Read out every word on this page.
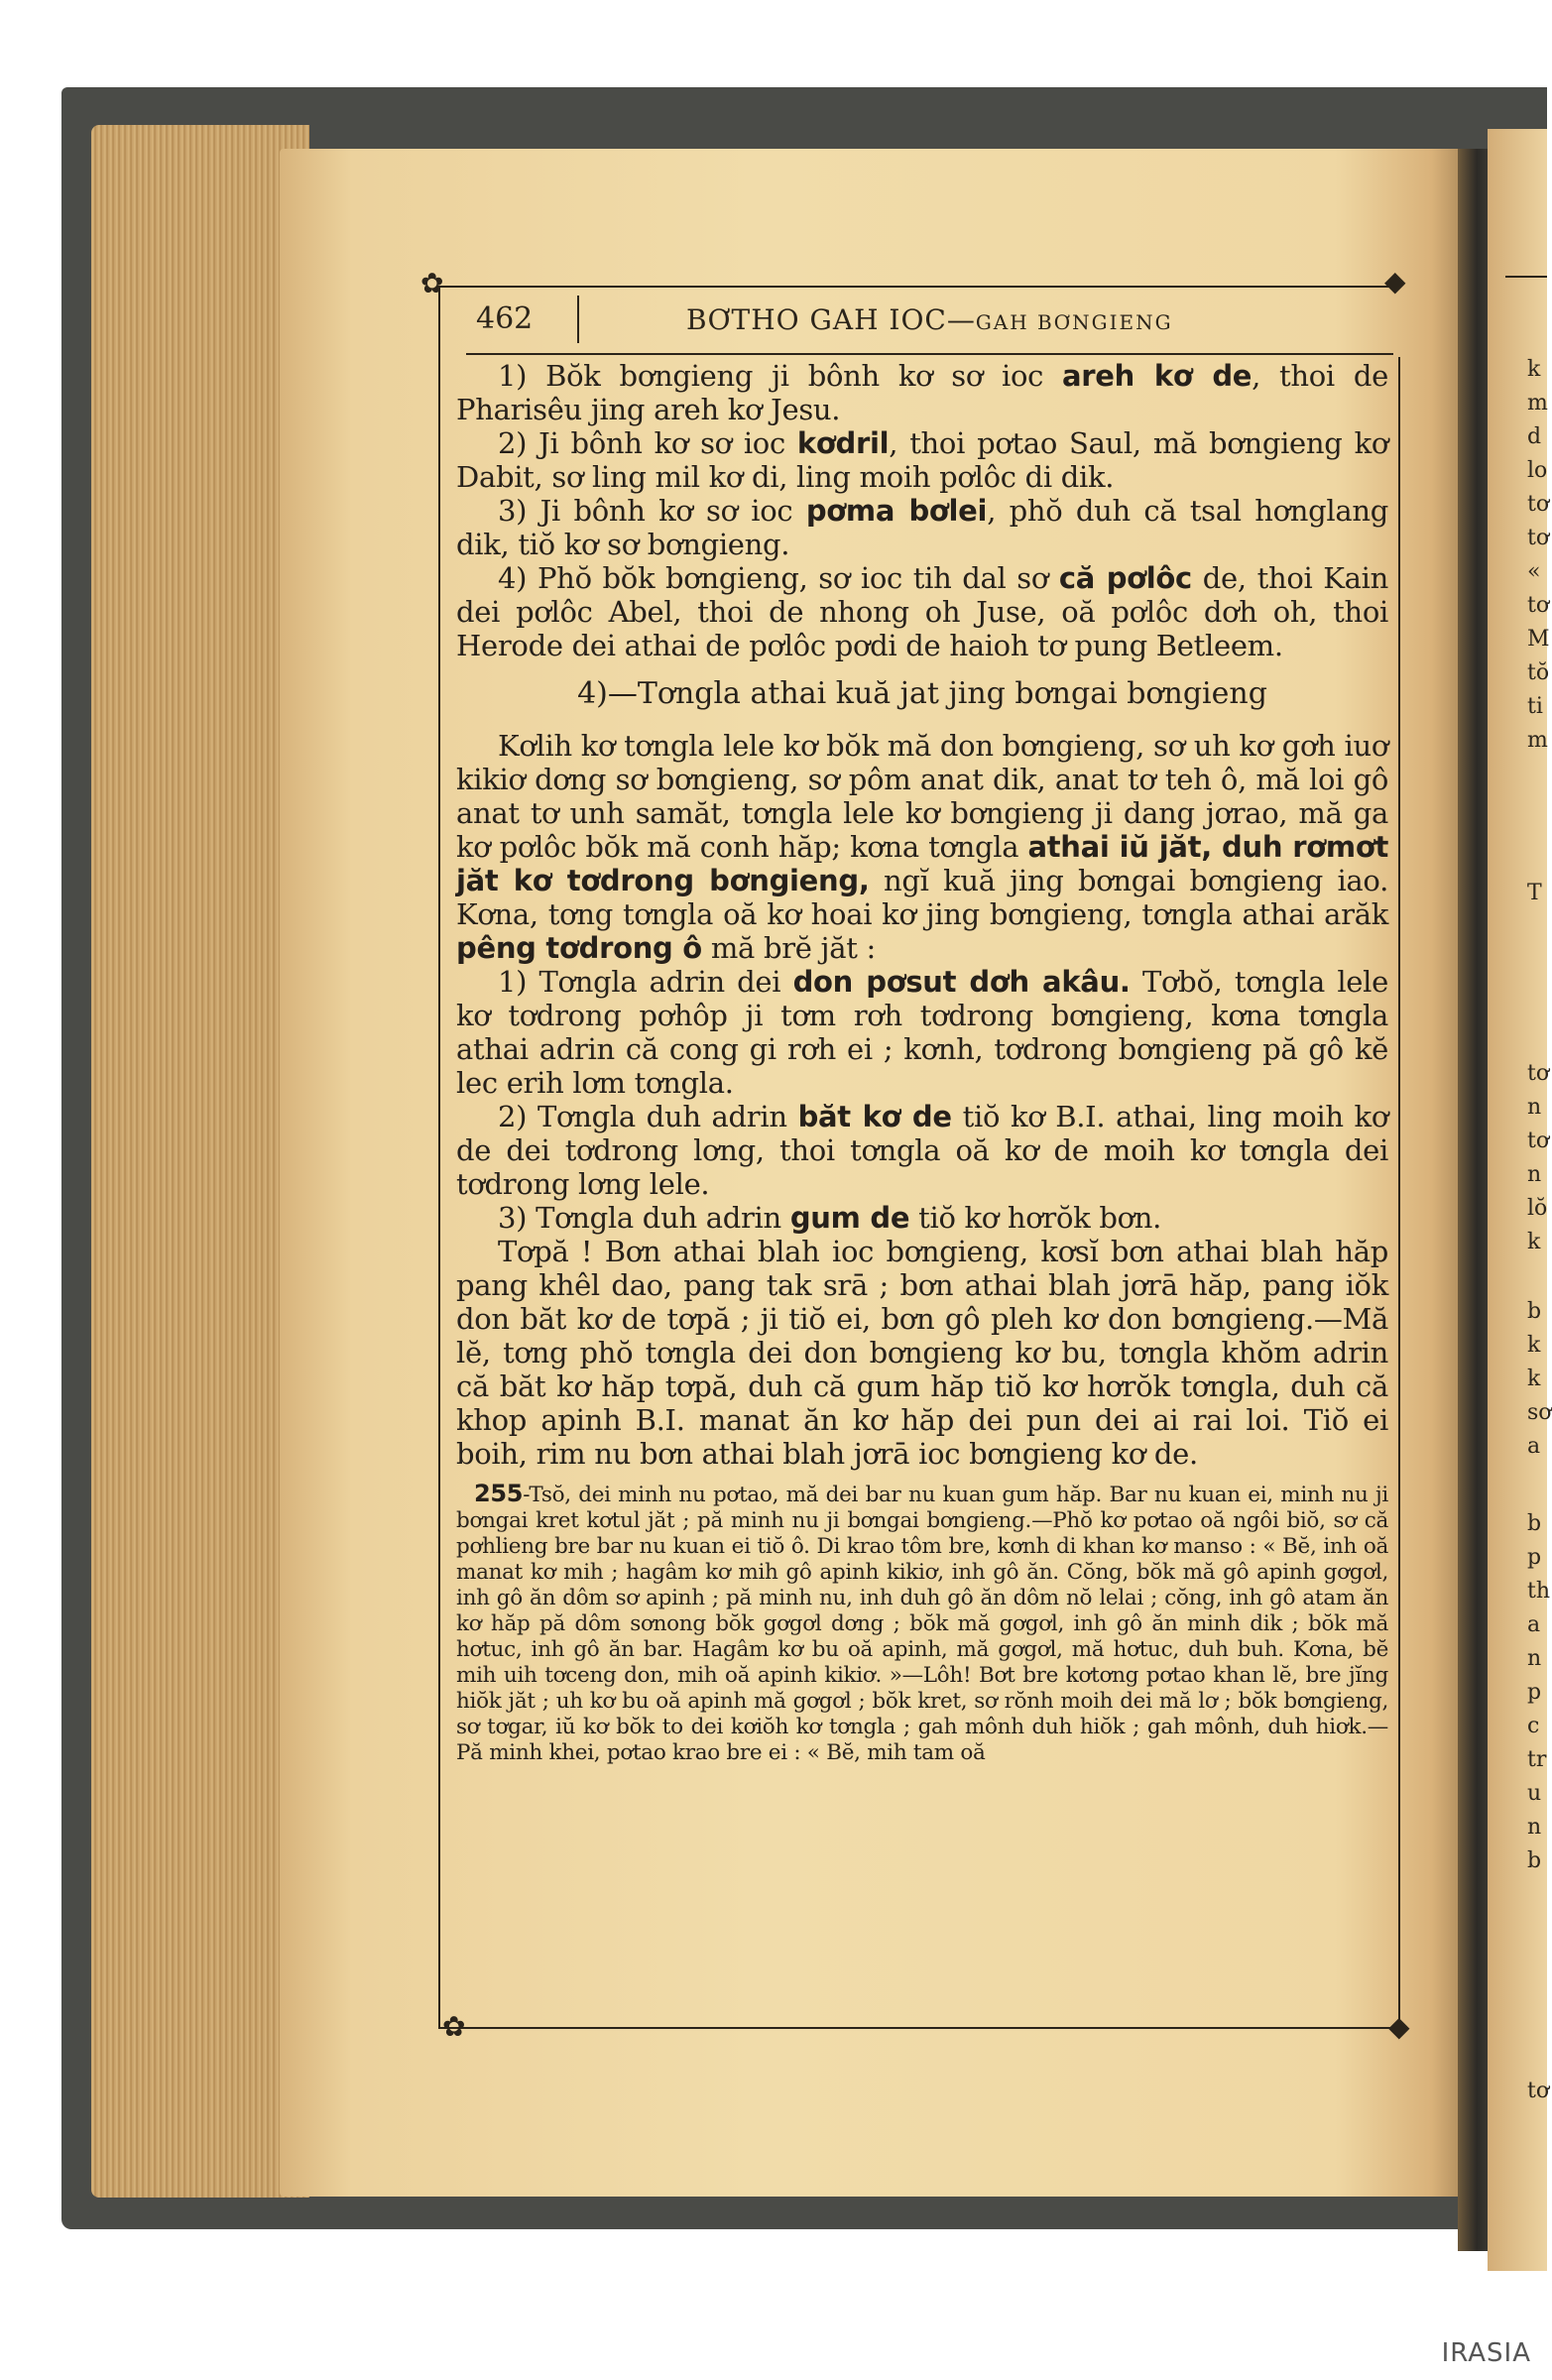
k
m
d
lo
tơ
tơ
«
tơ
M
tŏ
ti
m
T
tơ
n
tơ
n
lŏ
k
b
k
k
sơ
a
b
p
th
a
n
p
c
tr
u
n
b
tơ
✿	◆
✿	◆
462	BƠTHO GAH IOC—GAH BƠNGIENG

1) Bŏk bơngieng ji bônh kơ sơ ioc areh kơ de, thoi de Pharisêu jing areh kơ Jesu.

2) Ji bônh kơ sơ ioc kơdril, thoi pơtao Saul, mă bơngieng kơ Dabit, sơ ling mil kơ di, ling moih pơlôc di dik.

3) Ji bônh kơ sơ ioc pơma bơlei, phŏ duh că tsal hơnglang dik, tiŏ kơ sơ bơngieng.

4) Phŏ bŏk bơngieng, sơ ioc tih dal sơ că pơlôc de, thoi Kain dei pơlôc Abel, thoi de nhong oh Juse, oă pơlôc dơh oh, thoi Herode dei athai de pơlôc pơdi de haioh tơ pung Betleem.

4)—Tơngla athai kuă jat jing bơngai bơngieng

Kơlih kơ tơngla lele kơ bŏk mă don bơngieng, sơ uh kơ gơh iuơ kikiơ dơng sơ bơngieng, sơ pôm anat dik, anat tơ teh ô, mă loi gô anat tơ unh samăt, tơngla lele kơ bơngieng ji dang jơrao, mă ga kơ pơlôc bŏk mă conh hăp; kơna tơngla athai iŭ jăt, duh rơmơt jăt kơ tơdrong bơngieng, ngĭ kuă jing bơngai bơngieng iao. Kơna, tơng tơngla oă kơ hoai kơ jing bơngieng, tơngla athai arăk pêng tơdrong ô mă brĕ jăt :

1) Tơngla adrin dei don pơsut dơh akâu. Tơbŏ, tơngla lele kơ tơdrong pơhôp ji tơm rơh tơdrong bơngieng, kơna tơngla athai adrin că cong gi rơh ei ; kơnh, tơdrong bơngieng pă gô kĕ lec erih lơm tơngla.

2) Tơngla duh adrin băt kơ de tiŏ kơ B.I. athai, ling moih kơ de dei tơdrong lơng, thoi tơngla oă kơ de moih kơ tơngla dei tơdrong lơng lele.

3) Tơngla duh adrin gum de tiŏ kơ hơrŏk bơn.

Tơpă ! Bơn athai blah ioc bơngieng, kơsĭ bơn athai blah hăp pang khêl dao, pang tak srā ; bơn athai blah jơrā hăp, pang iŏk don băt kơ de tơpă ; ji tiŏ ei, bơn gô pleh kơ don bơngieng.—Mă lĕ, tơng phŏ tơngla dei don bơngieng kơ bu, tơngla khŏm adrin că băt kơ hăp tơpă, duh că gum hăp tiŏ kơ hơrŏk tơngla, duh că khop apinh B.I. manat ăn kơ hăp dei pun dei ai rai loi. Tiŏ ei boih, rim nu bơn athai blah jơrā ioc bơngieng kơ de.

255-Tsŏ, dei minh nu pơtao, mă dei bar nu kuan gum hăp. Bar nu kuan ei, minh nu ji bơngai kret kơtul jăt ; pă minh nu ji bơngai bơngieng.—Phŏ kơ pơtao oă ngôi biŏ, sơ că pơhlieng bre bar nu kuan ei tiŏ ô. Di krao tôm bre, kơnh di khan kơ manso : « Bĕ, inh oă manat kơ mih ; hagâm kơ mih gô apinh kikiơ, inh gô ăn. Cŏng, bŏk mă gô apinh gơgơl, inh gô ăn dôm sơ apinh ; pă minh nu, inh duh gô ăn dôm nŏ lelai ; cŏng, inh gô atam ăn kơ hăp pă dôm sơnong bŏk gơgơl dơng ; bŏk mă gơgơl, inh gô ăn minh dik ; bŏk mă hơtuc, inh gô ăn bar. Hagâm kơ bu oă apinh, mă gơgơl, mă hơtuc, duh buh. Kơna, bĕ mih uih tơceng don, mih oă apinh kikiơ. »—Lôh! Bơt bre kơtơng pơtao khan lĕ, bre jĭng hiŏk jăt ; uh kơ bu oă apinh mă gơgơl ; bŏk kret, sơ rŏnh moih dei mă lơ ; bŏk bơngieng, sơ tơgar, iŭ kơ bŏk to dei kơiŏh kơ tơngla ; gah mônh duh hiŏk ; gah mônh, duh hiơk.—Pă minh khei, pơtao krao bre ei : « Bĕ, mih tam oă

IRASIA
